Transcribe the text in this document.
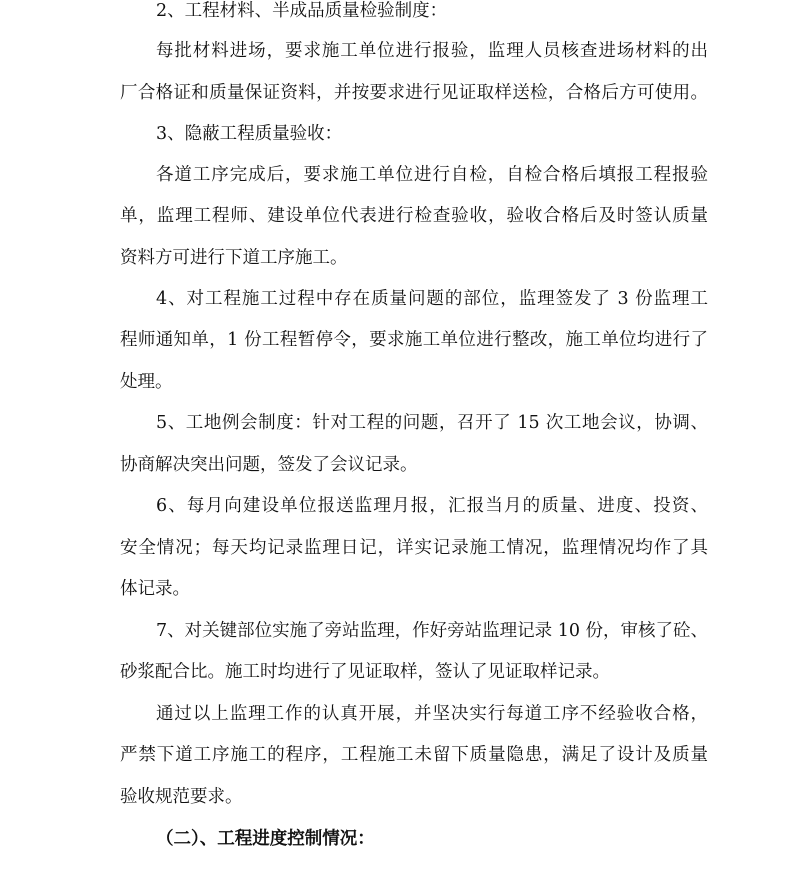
2、工程材料、半成品质量检验制度：
每批材料进场，要求施工单位进行报验，监理人员核查进场材料的出
厂合格证和质量保证资料，并按要求进行见证取样送检，合格后方可使用。
3、隐蔽工程质量验收：
各道工序完成后，要求施工单位进行自检，自检合格后填报工程报验
单，监理工程师、建设单位代表进行检查验收，验收合格后及时签认质量
资料方可进行下道工序施工。
4、对工程施工过程中存在质量问题的部位，监理签发了 3 份监理工
程师通知单，1 份工程暂停令，要求施工单位进行整改，施工单位均进行了
处理。
5、工地例会制度：针对工程的问题，召开了 15 次工地会议，协调、
协商解决突出问题，签发了会议记录。
6、每月向建设单位报送监理月报，汇报当月的质量、进度、投资、
安全情况；每天均记录监理日记，详实记录施工情况，监理情况均作了具
体记录。
7、对关键部位实施了旁站监理，作好旁站监理记录 10 份，审核了砼、
砂浆配合比。施工时均进行了见证取样，签认了见证取样记录。
通过以上监理工作的认真开展，并坚决实行每道工序不经验收合格，
严禁下道工序施工的程序，工程施工未留下质量隐患，满足了设计及质量
验收规范要求。
（二）、工程进度控制情况：
